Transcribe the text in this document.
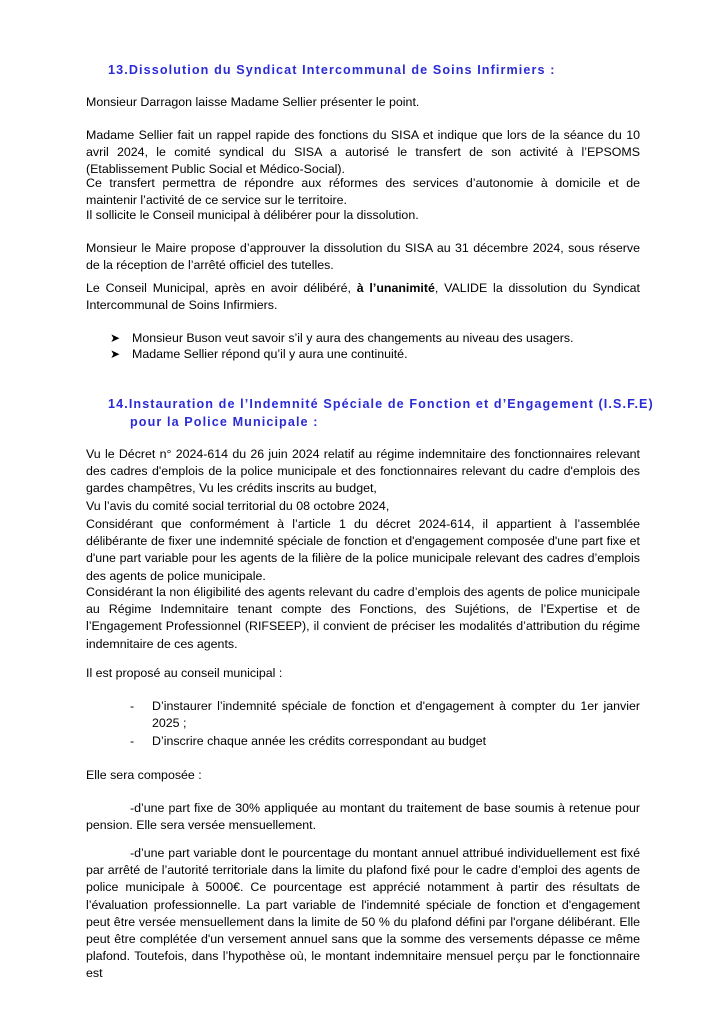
13.Dissolution du Syndicat Intercommunal de Soins Infirmiers :

Monsieur Darragon laisse Madame Sellier présenter le point.

Madame Sellier fait un rappel rapide des fonctions du SISA et indique que lors de la séance du 10 avril 2024, le comité syndical du SISA a autorisé le transfert de son activité à l’EPSOMS (Etablissement Public Social et Médico-Social).

Ce transfert permettra de répondre aux réformes des services d’autonomie à domicile et de maintenir l’activité de ce service sur le territoire.

Il sollicite le Conseil municipal à délibérer pour la dissolution.

Monsieur le Maire propose d’approuver la dissolution du SISA au 31 décembre 2024, sous réserve de la réception de l’arrêté officiel des tutelles.

Le Conseil Municipal, après en avoir délibéré, à l’unanimité, VALIDE la dissolution du Syndicat Intercommunal de Soins Infirmiers.

➤ Monsieur Buson veut savoir s’il y aura des changements au niveau des usagers.
➤ Madame Sellier répond qu’il y aura une continuité.
14.Instauration de l’Indemnité Spéciale de Fonction et d’Engagement (I.S.F.E)
pour la Police Municipale :

Vu le Décret n° 2024-614 du 26 juin 2024 relatif au régime indemnitaire des fonctionnaires relevant des cadres d'emplois de la police municipale et des fonctionnaires relevant du cadre d'emplois des gardes champêtres, Vu les crédits inscrits au budget,

Vu l’avis du comité social territorial du 08 octobre 2024,

Considérant que conformément à l’article 1 du décret 2024-614, il appartient à l’assemblée délibérante de fixer une indemnité spéciale de fonction et d'engagement composée d'une part fixe et d'une part variable pour les agents de la filière de la police municipale relevant des cadres d’emplois des agents de police municipale.

Considérant la non éligibilité des agents relevant du cadre d’emplois des agents de police municipale au Régime Indemnitaire tenant compte des Fonctions, des Sujétions, de l’Expertise et de l’Engagement Professionnel (RIFSEEP), il convient de préciser les modalités d’attribution du régime indemnitaire de ces agents.

Il est proposé au conseil municipal :

-	D’instaurer l’indemnité spéciale de fonction et d'engagement à compter du 1er janvier 2025 ;
-	D’inscrire chaque année les crédits correspondant au budget

Elle sera composée :

-d’une part fixe de 30% appliquée au montant du traitement de base soumis à retenue pour pension. Elle sera versée mensuellement.

-d’une part variable dont le pourcentage du montant annuel attribué individuellement est fixé par arrêté de l’autorité territoriale dans la limite du plafond fixé pour le cadre d’emploi des agents de police municipale à 5000€. Ce pourcentage est apprécié notamment à partir des résultats de l’évaluation professionnelle. La part variable de l'indemnité spéciale de fonction et d'engagement peut être versée mensuellement dans la limite de 50 % du plafond défini par l'organe délibérant. Elle peut être complétée d'un versement annuel sans que la somme des versements dépasse ce même plafond. Toutefois, dans l’hypothèse où, le montant indemnitaire mensuel perçu par le fonctionnaire est
